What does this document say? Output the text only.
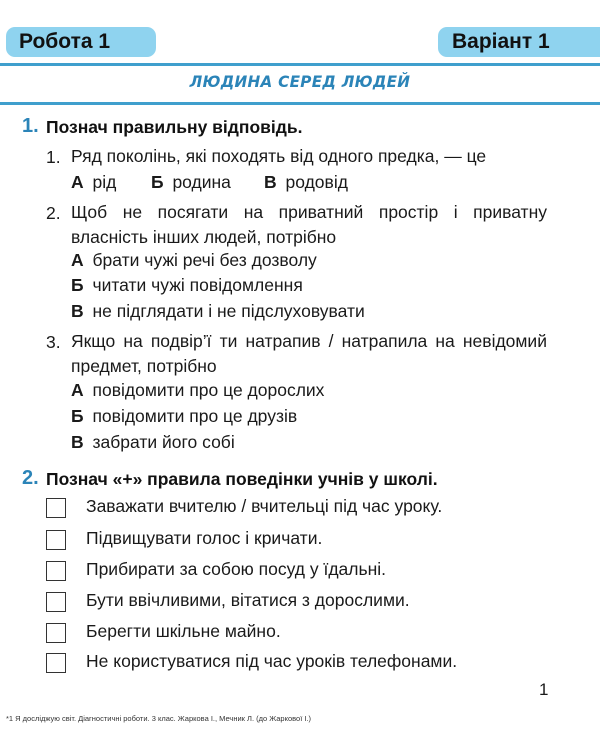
Робота 1	Варіант 1
ЛЮДИНА СЕРЕД ЛЮДЕЙ
1. Познач правильну відповідь.
1. Ряд поколінь, які походять від одного предка, — це
А рід Б родина В родовід
2. Щоб не посягати на приватний простір і приватну власність інших людей, потрібно
А брати чужі речі без дозволу
Б читати чужі повідомлення
В не підглядати і не підслуховувати
3. Якщо на подвір’ї ти натрапив / натрапила на невідомий предмет, потрібно
А повідомити про це дорослих
Б повідомити про це друзів
В забрати його собі
2. Познач «+» правила поведінки учнів у школі.
Заважати вчителю / вчительці під час уроку.
Підвищувати голос і кричати.
Прибирати за собою посуд у їдальні.
Бути ввічливими, вітатися з дорослими.
Берегти шкільне майно.
Не користуватися під час уроків телефонами.
1
*1 Я досліджую світ. Діагностичні роботи. 3 клас. Жаркова І., Мечник Л. (до Жаркової І.)
